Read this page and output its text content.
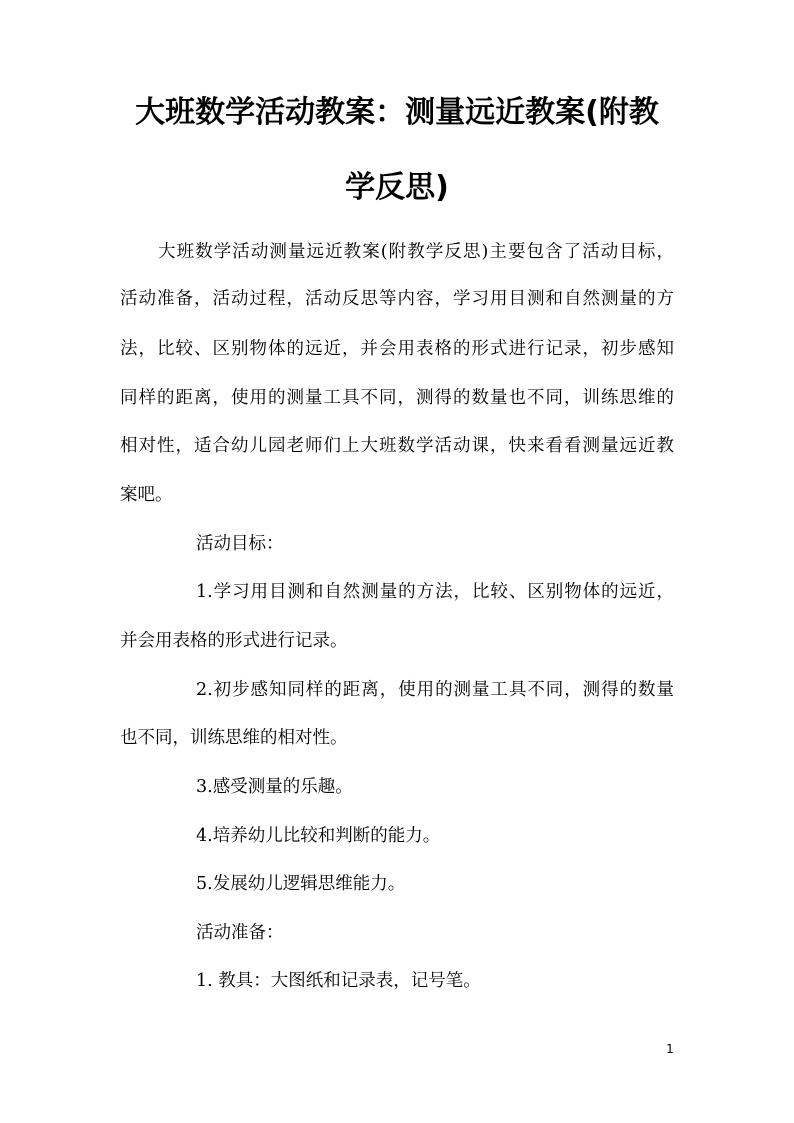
大班数学活动教案：测量远近教案(附教
学反思)
大班数学活动测量远近教案(附教学反思)主要包含了活动目标，
活动准备，活动过程，活动反思等内容，学习用目测和自然测量的方
法，比较、区别物体的远近，并会用表格的形式进行记录，初步感知
同样的距离，使用的测量工具不同，测得的数量也不同，训练思维的
相对性，适合幼儿园老师们上大班数学活动课，快来看看测量远近教
案吧。
活动目标：
1.学习用目测和自然测量的方法，比较、区别物体的远近，
并会用表格的形式进行记录。
2.初步感知同样的距离，使用的测量工具不同，测得的数量
也不同，训练思维的相对性。
3.感受测量的乐趣。
4.培养幼儿比较和判断的能力。
5.发展幼儿逻辑思维能力。
活动准备：
1. 教具：大图纸和记录表，记号笔。
1
